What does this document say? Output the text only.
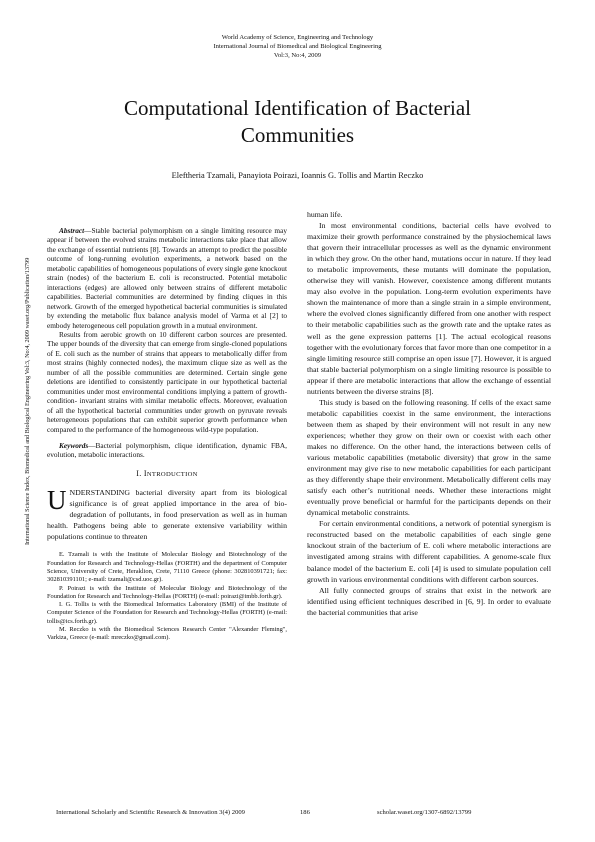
World Academy of Science, Engineering and Technology
International Journal of Biomedical and Biological Engineering
Vol:3, No:4, 2009
Computational Identification of Bacterial
Communities
Eleftheria Tzamali, Panayiota Poirazi, Ioannis G. Tollis and Martin Reczko
International Science Index, Biomedical and Biological Engineering Vol:3, No:4, 2009 waset.org/Publication/13799

Abstract—Stable bacterial polymorphism on a single limiting resource may appear if between the evolved strains metabolic interactions take place that allow the exchange of essential nutrients [8]. Towards an attempt to predict the possible outcome of long-running evolution experiments, a network based on the metabolic capabilities of homogeneous populations of every single gene knockout strain (nodes) of the bacterium E. coli is reconstructed. Potential metabolic interactions (edges) are allowed only between strains of different metabolic capabilities. Bacterial communities are determined by finding cliques in this network. Growth of the emerged hypothetical bacterial communities is simulated by extending the metabolic flux balance analysis model of Varma et al [2] to embody heterogeneous cell population growth in a mutual environment.

Results from aerobic growth on 10 different carbon sources are presented. The upper bounds of the diversity that can emerge from single-cloned populations of E. coli such as the number of strains that appears to metabolically differ from most strains (highly connected nodes), the maximum clique size as well as the number of all the possible communities are determined. Certain single gene deletions are identified to consistently participate in our hypothetical bacterial communities under most environmental conditions implying a pattern of growth-condition- invariant strains with similar metabolic effects. Moreover, evaluation of all the hypothetical bacterial communities under growth on pyruvate reveals heterogeneous populations that can exhibit superior growth performance when compared to the performance of the homogeneous wild-type population.

Keywords—Bacterial polymorphism, clique identification, dynamic FBA, evolution, metabolic interactions.
I. INTRODUCTION
UNDERSTANDING bacterial diversity apart from its biological significance is of great applied importance in the area of bio-degradation of pollutants, in food preservation as well as in human health. Pathogens being able to generate extensive variability within populations continue to threaten

E. Tzamali is with the Institute of Molecular Biology and Biotechnology of the Foundation for Research and Technology-Hellas (FORTH) and the department of Computer Science, University of Crete, Heraklion, Crete, 71110 Greece (phone: 302810391721; fax: 302810391101; e-mail: tzamali@csd.uoc.gr).

P. Poirazi is with the Institute of Molecular Biology and Biotechnology of the Foundation for Research and Technology-Hellas (FORTH) (e-mail: poirazi@imbb.forth.gr).

I. G. Tollis is with the Biomedical Informatics Laboratory (BMI) of the Institute of Computer Science of the Foundation for Research and Technology-Hellas (FORTH) (e-mail: tollis@ics.forth.gr).

M. Reczko is with the Biomedical Sciences Research Center "Alexander Fleming", Varkiza, Greece (e-mail: mreczko@gmail.com).

human life.

In most environmental conditions, bacterial cells have evolved to maximize their growth performance constrained by the physiochemical laws that govern their intracellular processes as well as the dynamic environment in which they grow. On the other hand, mutations occur in nature. If they lead to metabolic improvements, these mutants will dominate the population, otherwise they will vanish. However, coexistence among different mutants may also evolve in the population. Long-term evolution experiments have shown the maintenance of more than a single strain in a simple environment, where the evolved clones significantly differed from one another with respect to their metabolic capabilities such as the growth rate and the uptake rates as well as the gene expression patterns [1]. The actual ecological reasons together with the evolutionary forces that favor more than one competitor in a single limiting resource still comprise an open issue [7]. However, it is argued that stable bacterial polymorphism on a single limiting resource is possible to appear if there are metabolic interactions that allow the exchange of essential nutrients between the diverse strains [8].

This study is based on the following reasoning. If cells of the exact same metabolic capabilities coexist in the same environment, the interactions between them as shaped by their environment will not result in any new experiences; whether they grow on their own or coexist with each other makes no difference. On the other hand, the interactions between cells of various metabolic capabilities (metabolic diversity) that grow in the same environment may give rise to new metabolic capabilities for each participant as they differently shape their environment. Metabolically different cells may satisfy each other’s nutritional needs. Whether these interactions might eventually prove beneficial or harmful for the participants depends on their dynamical metabolic constraints.

For certain environmental conditions, a network of potential synergism is reconstructed based on the metabolic capabilities of each single gene knockout strain of the bacterium of E. coli where metabolic interactions are investigated among strains with different capabilities. A genome-scale flux balance model of the bacterium E. coli [4] is used to simulate population cell growth in various environmental conditions with different carbon sources.

All fully connected groups of strains that exist in the network are identified using efficient techniques described in [6, 9]. In order to evaluate the bacterial communities that arise

International Scholarly and Scientific Research & Innovation 3(4) 2009	186	scholar.waset.org/1307-6892/13799
